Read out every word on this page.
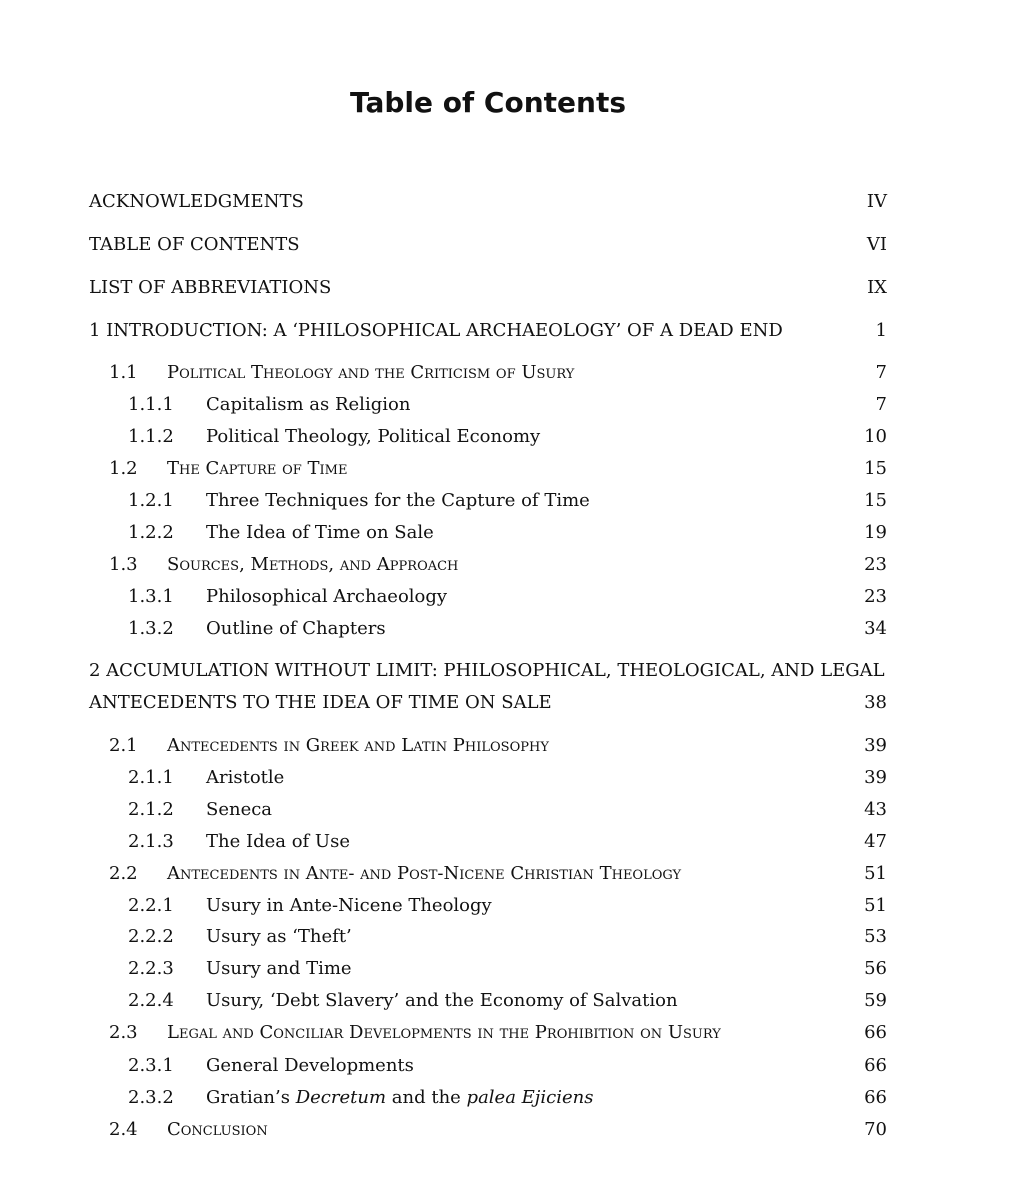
Table of Contents
ACKNOWLEDGMENTS	IV
TABLE OF CONTENTS	VI
LIST OF ABBREVIATIONS	IX
1 INTRODUCTION: A ‘PHILOSOPHICAL ARCHAEOLOGY’ OF A DEAD END	1
1.1 Political Theology and the Criticism of Usury	7
1.1.1 Capitalism as Religion	7
1.1.2 Political Theology, Political Economy	10
1.2 The Capture of Time	15
1.2.1 Three Techniques for the Capture of Time	15
1.2.2 The Idea of Time on Sale	19
1.3 Sources, Methods, and Approach	23
1.3.1 Philosophical Archaeology	23
1.3.2 Outline of Chapters	34
2 ACCUMULATION WITHOUT LIMIT: PHILOSOPHICAL, THEOLOGICAL, AND LEGAL
ANTECEDENTS TO THE IDEA OF TIME ON SALE	38
2.1 Antecedents in Greek and Latin Philosophy	39
2.1.1 Aristotle	39
2.1.2 Seneca	43
2.1.3 The Idea of Use	47
2.2 Antecedents in Ante- and Post-Nicene Christian Theology	51
2.2.1 Usury in Ante-Nicene Theology	51
2.2.2 Usury as ‘Theft’	53
2.2.3 Usury and Time	56
2.2.4 Usury, ‘Debt Slavery’ and the Economy of Salvation	59
2.3 Legal and Conciliar Developments in the Prohibition on Usury	66
2.3.1 General Developments	66
2.3.2 Gratian’s Decretum and the palea Ejiciens	66
2.4 Conclusion	70
